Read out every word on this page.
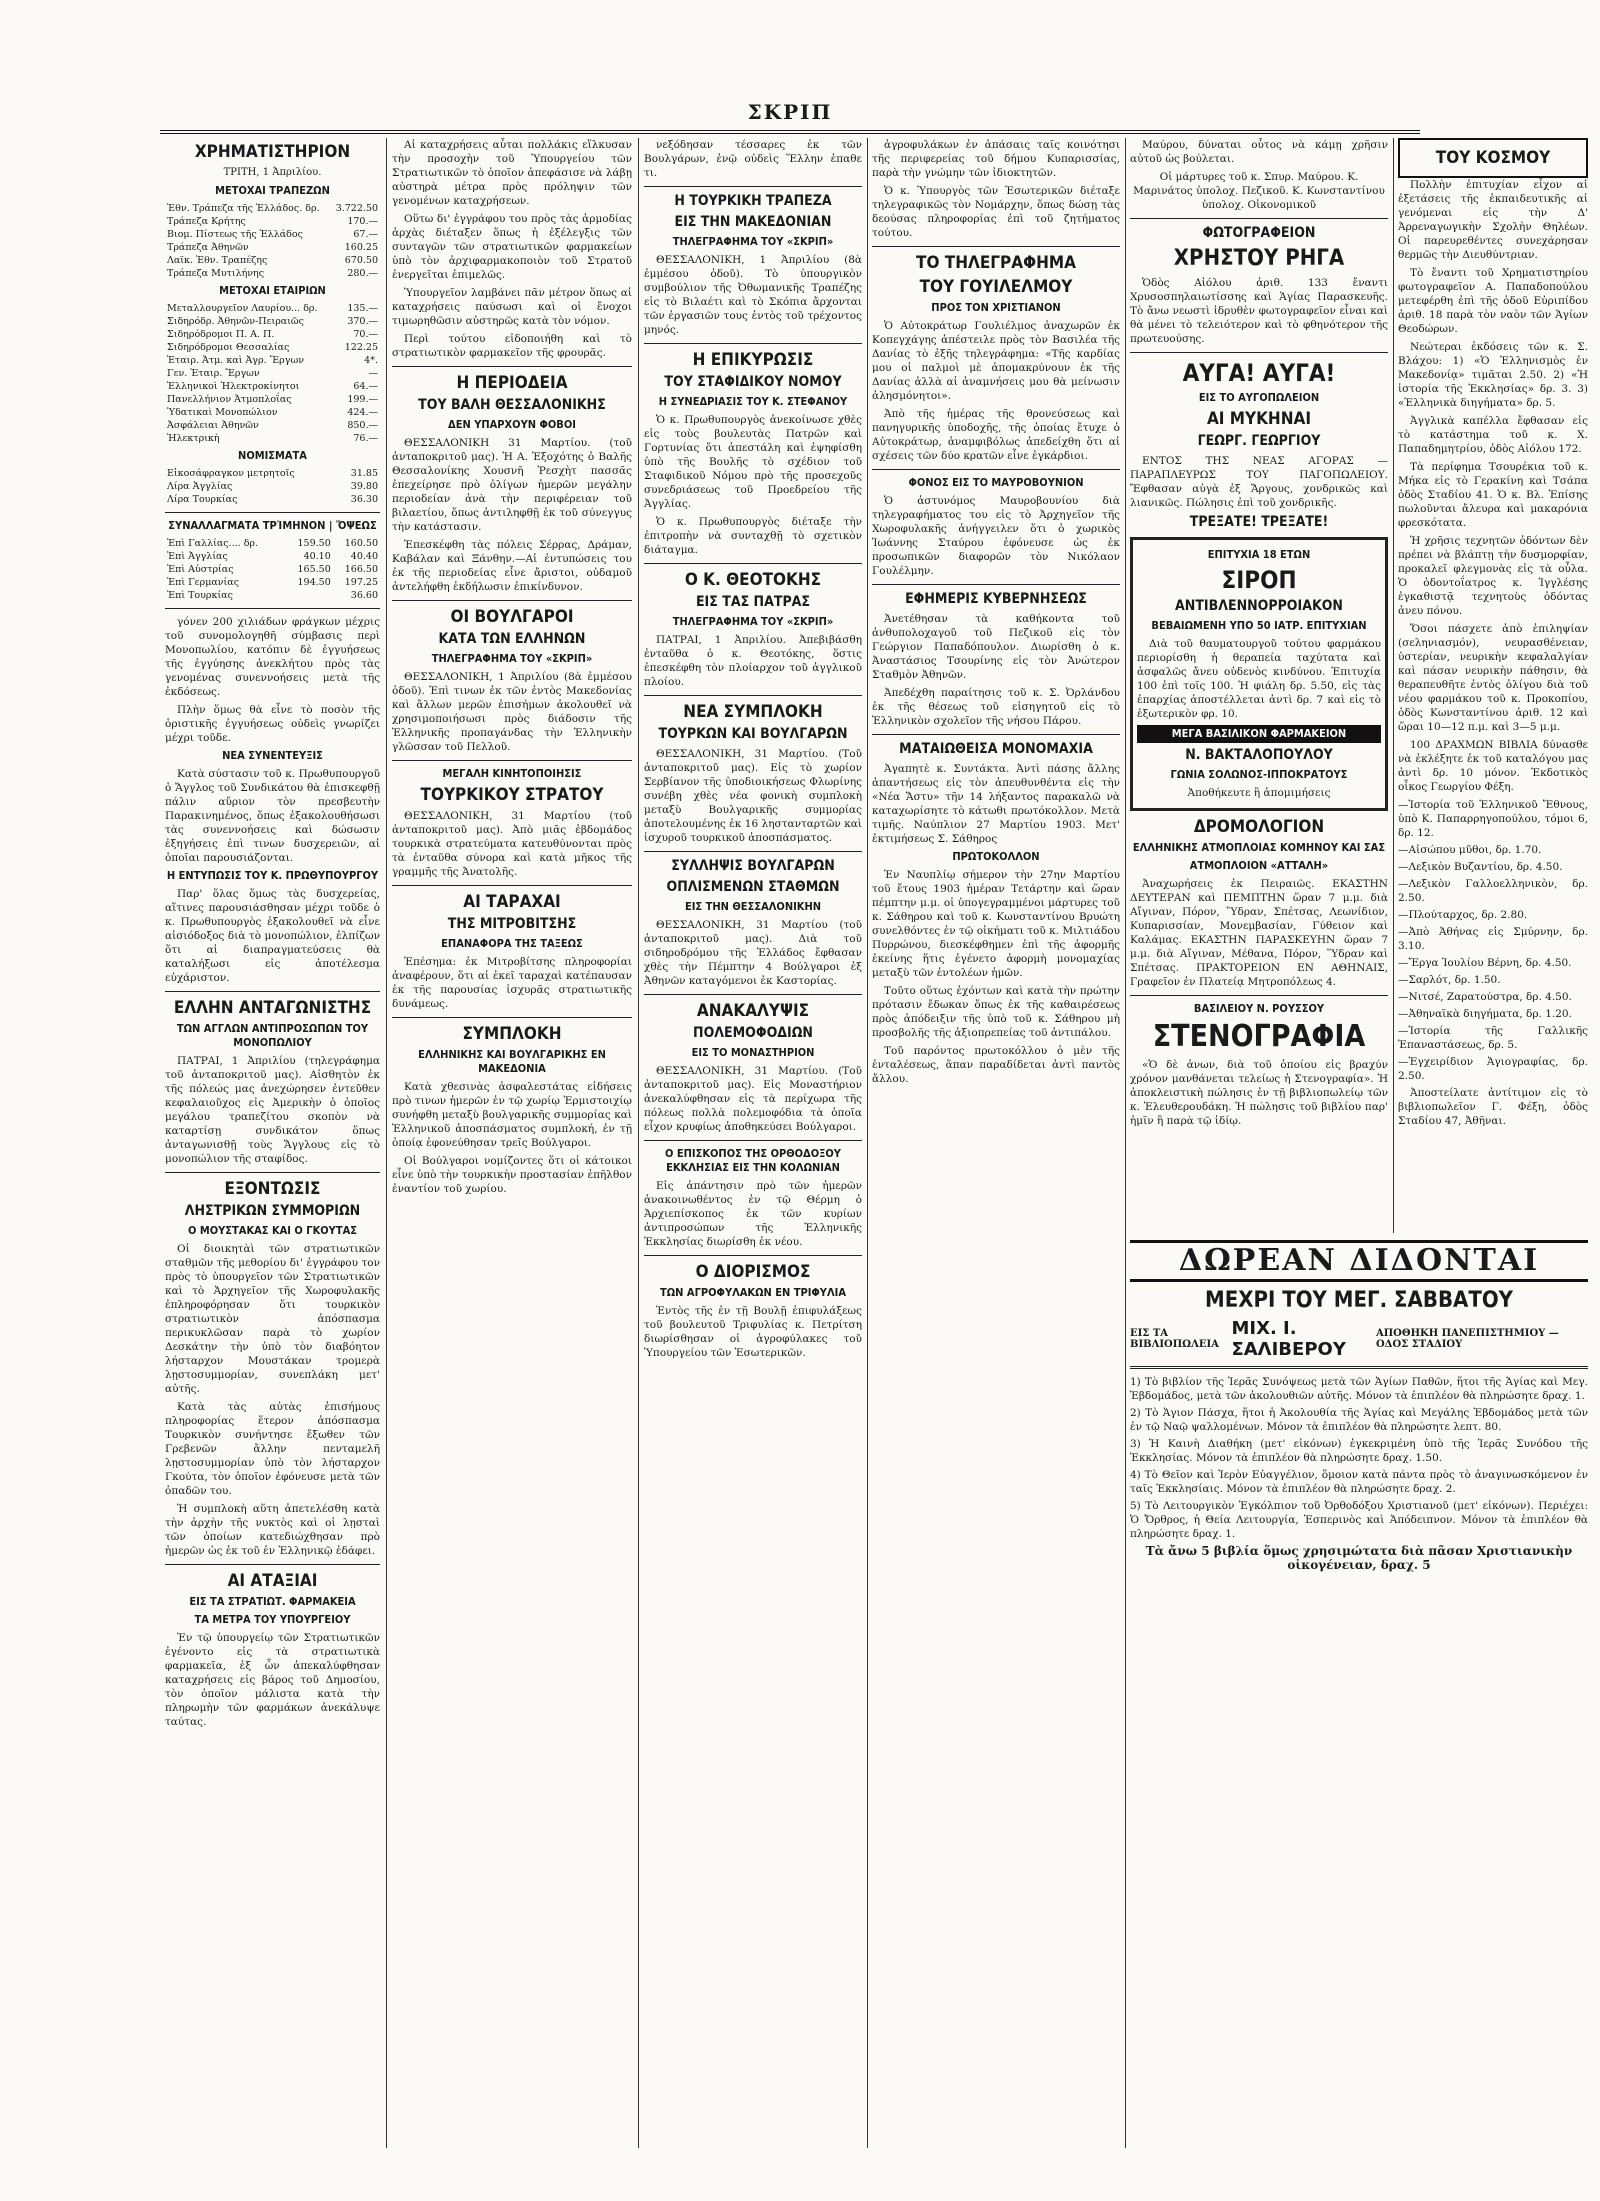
ΣΚΡΙΠ
ΧΡΗΜΑΤΙΣΤΗΡΙΟΝ
ΤΡΙΤΗ, 1 Ἀπριλίου.
ΜΕΤΟΧΑΙ ΤΡΑΠΕΖΩΝ
Ἐθν. Τράπεζα τῆς Ἑλλάδος. δρ.	3.722.50
Τράπεζα Κρήτης	170.—
Βιομ. Πίστεως τῆς Ἑλλάδος	67.—
Τράπεζα Ἀθηνῶν	160.25
Λαϊκ. Ἐθν. Τραπέζης	670.50
Τράπεζα Μυτιλήνης	280.—
ΜΕΤΟΧΑΙ ΕΤΑΙΡΙΩΝ
Μεταλλουργεῖον Λαυρίου... δρ.	135.—
Σιδηρόδρ. Ἀθηνῶν-Πειραιῶς	370.—
Σιδηρόδρομοι Π. Α. Π.	70.—
Σιδηρόδρομοι Θεσσαλίας	122.25
Ἑταιρ. Ἀτμ. καὶ Ἀγρ. Ἔργων	4*.
Γεν. Ἑταιρ. Ἔργων	—
Ἑλληνικοὶ Ἠλεκτροκίνητοι	64.—
Πανελλήνιον Ἀτμοπλοΐας	199.—
Ὑδατικαὶ Μονοπώλιον	424.—
Ἀσφάλειαι Ἀθηνῶν	850.—
Ἠλεκτρικὴ	76.—
ΝΟΜΙΣΜΑΤΑ
Εἰκοσάφραγκον μετρητοῖς	31.85
Λίρα Ἀγγλίας	39.80
Λίρα Τουρκίας	36.30
ΣΥΝΑΛΛΑΓΜΑΤΑ ΤΡΊΜΗΝΟΝ | ὌΨΕΩΣ
Ἐπὶ Γαλλίας.... δρ.	159.50	160.50
Ἐπὶ Ἀγγλίας	40.10	40.40
Ἐπὶ Αὐστρίας	165.50	166.50
Ἐπὶ Γερμανίας	194.50	197.25
Ἐπὶ Τουρκίας		36.60

γόνεν 200 χιλιάδων φράγκων μέχρις τοῦ συνομολογηθῆ σύμβασις περὶ Μονοπωλίου, κατόπιν δὲ ἐγγυήσεως τῆς ἐγγύησης ἀνεκλήτου πρὸς τὰς γενομένας συνεννοήσεις μετὰ τῆς ἐκδόσεως.

Πλὴν ὅμως θὰ εἶνε τὸ ποσὸν τῆς ὁριστικῆς ἐγγυήσεως οὐδεὶς γνωρίζει μέχρι τοῦδε.

ΝΕΑ ΣΥΝΕΝΤΕΥΞΙΣ

Κατὰ σύστασιν τοῦ κ. Πρωθυπουργοῦ ὁ Ἄγγλος τοῦ Συνδικάτου θὰ ἐπισκεφθῇ πάλιν αὔριον τὸν πρεσβευτὴν Παρακινημένος, ὅπως ἐξακολουθήσωσι τὰς συνεννοήσεις καὶ δώσωσιν ἐξηγήσεις ἐπὶ τινων δυσχερειῶν, αἱ ὁποῖαι παρουσιάζονται.

Η ΕΝΤΥΠΩΣΙΣ ΤΟΥ Κ. ΠΡΩΘΥΠΟΥΡΓΟΥ

Παρ' ὅλας ὅμως τὰς δυσχερείας, αἵτινες παρουσιάσθησαν μέχρι τοῦδε ὁ κ. Πρωθυπουργὸς ἐξακολουθεῖ νὰ εἶνε αἰσιόδοξος διὰ τὸ μονοπώλιον, ἐλπίζων ὅτι αἱ διαπραγματεύσεις θὰ καταλήξωσι εἰς ἀποτέλεσμα εὐχάριστον.

ΕΛΛΗΝ ΑΝΤΑΓΩΝΙΣΤΗΣ
ΤΩΝ ΑΓΓΛΩΝ ΑΝΤΙΠΡΟΣΩΠΩΝ ΤΟΥ ΜΟΝΟΠΩΛΙΟΥ

ΠΑΤΡΑΙ, 1 Ἀπριλίου (τηλεγράφημα τοῦ ἀνταποκριτοῦ μας). Αἰσθητὸν ἐκ τῆς πόλεώς μας ἀνεχώρησεν ἐντεῦθεν κεφαλαιοῦχος εἰς Ἀμερικὴν ὁ ὁποῖος μεγάλου τραπεζίτου σκοπὸν νὰ καταρτίσῃ συνδικάτον ὅπως ἀνταγωνισθῇ τοὺς Ἄγγλους εἰς τὸ μονοπώλιον τῆς σταφίδος.

ΕΞΟΝΤΩΣΙΣ
ΛΗΣΤΡΙΚΩΝ ΣΥΜΜΟΡΙΩΝ
Ο ΜΟΥΣΤΑΚΑΣ ΚΑΙ Ο ΓΚΟΥΤΑΣ

Οἱ διοικητὰὶ τῶν στρατιωτικῶν σταθμῶν τῆς μεθορίου δι' ἐγγράφου τον πρὸς τὸ ὑπουργεῖον τῶν Στρατιωτικῶν καὶ τὸ Ἀρχηγεῖον τῆς Χωροφυλακῆς ἐπληροφόρησαν ὅτι τουρκικὸν στρατιωτικὸν ἀπόσπασμα περικυκλῶσαν παρὰ τὸ χωρίον Δεσκάτην τὴν ὑπὸ τὸν διαβόητον λήσταρχον Μουστάκαν τρομερὰ λῃστοσυμμορίαν, συνεπλάκη μετ' αὐτῆς.

Κατὰ τὰς αὐτὰς ἐπισήμους πληροφορίας ἕτερον ἀπόσπασμα Τουρκικὸν συνήντησε ἔξωθεν τῶν Γρεβενῶν ἄλλην πενταμελῆ λῃστοσυμμορίαν ὑπὸ τὸν λήσταρχον Γκούτα, τὸν ὁποῖον ἐφόνευσε μετὰ τῶν ὀπαδῶν του.

Ἡ συμπλοκὴ αὕτη ἀπετελέσθη κατὰ τὴν ἀρχὴν τῆς νυκτὸς καὶ οἱ λῃσταὶ τῶν ὁποίων κατεδιώχθησαν πρὸ ἡμερῶν ὡς ἐκ τοῦ ἐν Ἑλληνικῷ ἐδάφει.

ΑΙ ΑΤΑΞΙΑΙ
ΕΙΣ ΤΑ ΣΤΡΑΤΙΩΤ. ΦΑΡΜΑΚΕΙΑ
ΤΑ ΜΕΤΡΑ ΤΟΥ ΥΠΟΥΡΓΕΙΟΥ

Ἐν τῷ ὑπουργείῳ τῶν Στρατιωτικῶν ἐγένοντο εἰς τὰ στρατιωτικὰ φαρμακεῖα, ἐξ ὧν ἀπεκαλύφθησαν καταχρήσεις εἰς βάρος τοῦ Δημοσίου, τὸν ὁποῖον μάλιστα κατὰ τὴν πληρωμὴν τῶν φαρμάκων ἀνεκάλυψε ταύτας.

Αἱ καταχρήσεις αὗται πολλάκις εἵλκυσαν τὴν προσοχὴν τοῦ Ὑπουργείου τῶν Στρατιωτικῶν τὸ ὁποῖον ἀπεφάσισε νὰ λάβῃ αὐστηρὰ μέτρα πρὸς πρόληψιν τῶν γενομένων καταχρήσεων.

Οὕτω δι' ἐγγράφου του πρὸς τὰς ἁρμοδίας ἀρχὰς διέταξεν ὅπως ἡ ἐξέλεγξις τῶν συνταγῶν τῶν στρατιωτικῶν φαρμακείων ὑπὸ τὸν ἀρχιφαρμακοποιὸν τοῦ Στρατοῦ ἐνεργεῖται ἐπιμελῶς.

Ὑπουργεῖον λαμβάνει πᾶν μέτρον ὅπως αἱ καταχρήσεις παύσωσι καὶ οἱ ἔνοχοι τιμωρηθῶσιν αὐστηρῶς κατὰ τὸν νόμον.

Περὶ τούτου εἰδοποιήθη καὶ τὸ στρατιωτικὸν φαρμακεῖον τῆς φρουρᾶς.

Η ΠΕΡΙΟΔΕΙΑ
ΤΟΥ ΒΑΛΗ ΘΕΣΣΑΛΟΝΙΚΗΣ
ΔΕΝ ΥΠΑΡΧΟΥΝ ΦΟΒΟΙ

ΘΕΣΣΑΛΟΝΙΚΗ 31 Μαρτίου. (τοῦ ἀνταποκριτοῦ μας). Ἡ Α. Ἐξοχότης ὁ Βαλῆς Θεσσαλονίκης Χουσνῆ Ῥεσχὴτ πασσᾶς ἐπεχείρησε πρὸ ὀλίγων ἡμερῶν μεγάλην περιοδείαν ἀνὰ τὴν περιφέρειαν τοῦ βιλαετίου, ὅπως ἀντιληφθῇ ἐκ τοῦ σύνεγγυς τὴν κατάστασιν.

Ἐπεσκέφθη τὰς πόλεις Σέρρας, Δράμαν, Καβάλαν καὶ Ξάνθην.—Αἱ ἐντυπώσεις του ἐκ τῆς περιοδείας εἶνε ἄριστοι, οὐδαμοῦ ἀντελήφθη ἐκδήλωσιν ἐπικίνδυνον.

ΟΙ ΒΟΥΛΓΑΡΟΙ
ΚΑΤΑ ΤΩΝ ΕΛΛΗΝΩΝ
ΤΗΛΕΓΡΑΦΗΜΑ ΤΟΥ «ΣΚΡΙΠ»

ΘΕΣΣΑΛΟΝΙΚΗ, 1 Ἀπριλίου (8ὰ ἐμμέσου ὁδοῦ). Ἐπὶ τινων ἐκ τῶν ἐντὸς Μακεδονίας καὶ ἄλλων μερῶν ἐπισήμων ἀκολουθεῖ νὰ χρησιμοποιήσωσι πρὸς διάδοσιν τῆς Ἑλληνικῆς προπαγάνδας τὴν Ἑλληνικὴν γλῶσσαν τοῦ Πελλοῦ.

ΜΕΓΑΛΗ ΚΙΝΗΤΟΠΟΙΗΣΙΣ
ΤΟΥΡΚΙΚΟΥ ΣΤΡΑΤΟΥ

ΘΕΣΣΑΛΟΝΙΚΗ, 31 Μαρτίου (τοῦ ἀνταποκριτοῦ μας). Ἀπὸ μιᾶς ἑβδομάδος τουρκικὰ στρατεύματα κατευθύνονται πρὸς τὰ ἐνταῦθα σύνορα καὶ κατὰ μῆκος τῆς γραμμῆς τῆς Ἀνατολῆς.

ΑΙ ΤΑΡΑΧΑΙ
ΤΗΣ ΜΙΤΡΟΒΙΤΣΗΣ
ΕΠΑΝΑΦΟΡΑ ΤΗΣ ΤΑΞΕΩΣ

Ἐπέσημα: ἐκ Μιτροβίτσης πληροφορίαι ἀναφέρουν, ὅτι αἱ ἐκεῖ ταραχαὶ κατέπαυσαν ἐκ τῆς παρουσίας ἰσχυρᾶς στρατιωτικῆς δυνάμεως.

ΣΥΜΠΛΟΚΗ
ΕΛΛΗΝΙΚΗΣ ΚΑΙ ΒΟΥΛΓΑΡΙΚΗΣ ΕΝ ΜΑΚΕΔΟΝΙΑ

Κατὰ χθεσινὰς ἀσφαλεστάτας εἰδήσεις πρὸ τινων ἡμερῶν ἐν τῷ χωρίῳ Ἐρμιστοιχίῳ συνήφθη μεταξὺ βουλγαρικῆς συμμορίας καὶ Ἑλληνικοῦ ἀποσπάσματος συμπλοκή, ἐν τῇ ὁποίᾳ ἐφονεύθησαν τρεῖς Βούλγαροι.

Οἱ Βούλγαροι νομίζοντες ὅτι οἱ κάτοικοι εἶνε ὑπὸ τὴν τουρκικὴν προστασίαν ἐπῆλθον ἐναντίον τοῦ χωρίου.

νεξόδησαν τέσσαρες ἐκ τῶν Βουλγάρων, ἐνῷ οὐδεὶς Ἕλλην ἐπαθε τι.

Η ΤΟΥΡΚΙΚΗ ΤΡΑΠΕΖΑ
ΕΙΣ ΤΗΝ ΜΑΚΕΔΟΝΙΑΝ
ΤΗΛΕΓΡΑΦΗΜΑ ΤΟΥ «ΣΚΡΙΠ»

ΘΕΣΣΑΛΟΝΙΚΗ, 1 Ἀπριλίου (8ὰ ἐμμέσου ὁδοῦ). Τὸ ὑπουργικὸν συμβούλιον τῆς Ὀθωμανικῆς Τραπέζης εἰς τὸ Βιλαέτι καὶ τὸ Σκόπια ἄρχονται τῶν ἐργασιῶν τους ἐντὸς τοῦ τρέχοντος μηνός.

Η ΕΠΙΚΥΡΩΣΙΣ
ΤΟΥ ΣΤΑΦΙΔΙΚΟΥ ΝΟΜΟΥ
Η ΣΥΝΕΔΡΙΑΣΙΣ ΤΟΥ Κ. ΣΤΕΦΑΝΟΥ

Ὁ κ. Πρωθυπουργὸς ἀνεκοίνωσε χθὲς εἰς τοὺς βουλευτὰς Πατρῶν καὶ Γορτυνίας ὅτι ἀπεστάλη καὶ ἐψηφίσθη ὑπὸ τῆς Βουλῆς τὸ σχέδιον τοῦ Σταφιδικοῦ Νόμου πρὸ τῆς προσεχοῦς συνεδριάσεως τοῦ Προεδρείου τῆς Ἀγγλίας.

Ὁ κ. Πρωθυπουργὸς διέταξε τὴν ἐπιτροπὴν νὰ συνταχθῇ τὸ σχετικὸν διάταγμα.

Ο Κ. ΘΕΟΤΟΚΗΣ
ΕΙΣ ΤΑΣ ΠΑΤΡΑΣ
ΤΗΛΕΓΡΑΦΗΜΑ ΤΟΥ «ΣΚΡΙΠ»

ΠΑΤΡΑΙ, 1 Ἀπριλίου. Ἀπεβιβάσθη ἐνταῦθα ὁ κ. Θεοτόκης, ὅστις ἐπεσκέφθη τὸν πλοίαρχον τοῦ ἀγγλικοῦ πλοίου.

ΝΕΑ ΣΥΜΠΛΟΚΗ
ΤΟΥΡΚΩΝ ΚΑΙ ΒΟΥΛΓΑΡΩΝ

ΘΕΣΣΑΛΟΝΙΚΗ, 31 Μαρτίου. (Τοῦ ἀνταποκριτοῦ μας). Εἰς τὸ χωρίον Σερβίανον τῆς ὑποδιοικήσεως Φλωρίνης συνέβη χθὲς νέα φονικὴ συμπλοκὴ μεταξὺ Βουλγαρικῆς συμμορίας ἀποτελουμένης ἐκ 16 ληστανταρτῶν καὶ ἰσχυροῦ τουρκικοῦ ἀποσπάσματος.

ΣΥΛΛΗΨΙΣ ΒΟΥΛΓΑΡΩΝ
ΟΠΛΙΣΜΕΝΩΝ ΣΤΑΘΜΩΝ
ΕΙΣ ΤΗΝ ΘΕΣΣΑΛΟΝΙΚΗΝ

ΘΕΣΣΑΛΟΝΙΚΗ, 31 Μαρτίου (τοῦ ἀνταποκριτοῦ μας). Διὰ τοῦ σιδηροδρόμου τῆς Ἑλλάδος ἔφθασαν χθὲς τὴν Πέμπτην 4 Βούλγαροι ἐξ Ἀθηνῶν καταγόμενοι ἐκ Καστορίας.

ΑΝΑΚΑΛΥΨΙΣ
ΠΟΛΕΜΟΦΟΔΙΩΝ
ΕΙΣ ΤΟ ΜΟΝΑΣΤΗΡΙΟΝ

ΘΕΣΣΑΛΟΝΙΚΗ, 31 Μαρτίου. (Τοῦ ἀνταποκριτοῦ μας). Εἰς Μοναστήριον ἀνεκαλύφθησαν εἰς τὰ περίχωρα τῆς πόλεως πολλὰ πολεμοφόδια τὰ ὁποῖα εἶχον κρυφίως ἀποθηκεύσει Βούλγαροι.

Ο ΕΠΙΣΚΟΠΟΣ ΤΗΣ ΟΡΘΟΔΟΞΟΥ ΕΚΚΛΗΣΙΑΣ ΕΙΣ ΤΗΝ ΚΟΛΩΝΙΑΝ

Εἰς ἀπάντησιν πρὸ τῶν ἡμερῶν ἀνακοινωθέντος ἐν τῷ Θέρμη ὁ Ἀρχιεπίσκοπος ἐκ τῶν κυρίων ἀντιπροσώπων τῆς Ἑλληνικῆς Ἐκκλησίας διωρίσθη ἐκ νέου.

Ο ΔΙΟΡΙΣΜΟΣ
ΤΩΝ ΑΓΡΟΦΥΛΑΚΩΝ ΕΝ ΤΡΙΦΥΛΙΑ

Ἐντὸς τῆς ἐν τῇ Βουλῇ ἐπιφυλάξεως τοῦ βουλευτοῦ Τριφυλίας κ. Πετρίτση διωρίσθησαν οἱ ἀγροφύλακες τοῦ Ὑπουργείου τῶν Ἐσωτερικῶν.

ἀγροφυλάκων ἐν ἁπάσαις ταῖς κοινότησι τῆς περιφερείας τοῦ δήμου Κυπαρισσίας, παρὰ τὴν γνώμην τῶν ἰδιοκτητῶν.

Ὁ κ. Ὑπουργὸς τῶν Ἐσωτερικῶν διέταξε τηλεγραφικῶς τὸν Νομάρχην, ὅπως δώσῃ τὰς δεούσας πληροφορίας ἐπὶ τοῦ ζητήματος τούτου.

ΤΟ ΤΗΛΕΓΡΑΦΗΜΑ
ΤΟΥ ΓΟΥΙΛΕΛΜΟΥ
ΠΡΟΣ ΤΟΝ ΧΡΙΣΤΙΑΝΟΝ

Ὁ Αὐτοκράτωρ Γουλιέλμος ἀναχωρῶν ἐκ Κοπεγχάγης ἀπέστειλε πρὸς τὸν Βασιλέα τῆς Δανίας τὸ ἑξῆς τηλεγράφημα: «Τῆς καρδίας μου οἱ παλμοὶ μὲ ἀπομακρύνουν ἐκ τῆς Δανίας ἀλλὰ αἱ ἀναμνήσεις μου θὰ μείνωσιν ἀλησμόνητοι».

Ἀπὸ τῆς ἡμέρας τῆς θρονεύσεως καὶ πανηγυρικῆς ὑποδοχῆς, τῆς ὁποίας ἔτυχε ὁ Αὐτοκράτωρ, ἀναμφιβόλως ἀπεδείχθη ὅτι αἱ σχέσεις τῶν δύο κρατῶν εἶνε ἐγκάρδιοι.

ΦΟΝΟΣ ΕΙΣ ΤΟ ΜΑΥΡΟΒΟΥΝΙΟΝ

Ὁ ἀστυνόμος Μαυροβουνίου διὰ τηλεγραφήματος του εἰς τὸ Ἀρχηγεῖον τῆς Χωροφυλακῆς ἀνήγγειλεν ὅτι ὁ χωρικὸς Ἰωάννης Σταύρου ἐφόνευσε ὡς ἐκ προσωπικῶν διαφορῶν τὸν Νικόλαον Γουλέλμην.

ΕΦΗΜΕΡΙΣ ΚΥΒΕΡΝΗΣΕΩΣ

Ἀνετέθησαν τὰ καθήκοντα τοῦ ἀνθυπολοχαγοῦ τοῦ Πεζικοῦ εἰς τὸν Γεώργιον Παπαδόπουλον. Διωρίσθη ὁ κ. Ἀναστάσιος Τσουρίνης εἰς τὸν Ἀνώτερον Σταθμὸν Ἀθηνῶν.

Ἀπεδέχθη παραίτησις τοῦ κ. Σ. Ὀρλάνδου ἐκ τῆς θέσεως τοῦ εἰσηγητοῦ εἰς τὸ Ἑλληνικὸν σχολεῖον τῆς νήσου Πάρου.

ΜΑΤΑΙΩΘΕΙΣΑ ΜΟΝΟΜΑΧΙΑ

Ἀγαπητὲ κ. Συντάκτα. Ἀντὶ πάσης ἄλλης ἀπαντήσεως εἰς τὸν ἀπευθυνθέντα εἰς τὴν «Νέα Ἄστυ» τῆν 14 λήξαντος παρακαλῶ νὰ καταχωρίσητε τὸ κάτωθι πρωτόκολλον. Μετὰ τιμῆς. Ναύπλιον 27 Μαρτίου 1903. Μετ' ἐκτιμήσεως Σ. Σάθηρος

ΠΡΩΤΟΚΟΛΛΟΝ

Ἐν Ναυπλίῳ σήμερον τὴν 27ην Μαρτίου τοῦ ἔτους 1903 ἡμέραν Τετάρτην καὶ ὥραν πέμπτην μ.μ. οἱ ὑπογεγραμμένοι μάρτυρες τοῦ κ. Σάθηρου καὶ τοῦ κ. Κωνσταντίνου Βρυώτη συνελθόντες ἐν τῷ οἰκήματι τοῦ κ. Μιλτιάδου Πυρρώνου, διεσκέφθημεν ἐπὶ τῆς ἀφορμῆς ἐκείνης ἥτις ἐγένετο ἀφορμὴ μονομαχίας μεταξὺ τῶν ἐντολέων ἡμῶν.

Τοῦτο οὕτως ἐχόντων καὶ κατὰ τὴν πρώτην πρότασιν ἔδωκαν ὅπως ἐκ τῆς καθαιρέσεως πρὸς ἀπόδειξιν τῆς ὑπὸ τοῦ κ. Σάθηρου μὴ προσβολῆς τῆς ἀξιοπρεπείας τοῦ ἀντιπάλου.

Τοῦ παρόντος πρωτοκόλλου ὁ μὲν τῆς ἐνταλέσεως, ἅπαν παραδίδεται ἀντὶ παντὸς ἄλλου.

Μαύρου, δύναται οὗτος νὰ κάμῃ χρῆσιν αὐτοῦ ὡς βούλεται.

Οἱ μάρτυρες τοῦ κ. Σπυρ. Μαύρου. Κ. Μαρινάτος ὑπολοχ. Πεζικοῦ. Κ. Κωνσταντίνου ὑπολοχ. Οἰκονομικοῦ

ΦΩΤΟΓΡΑΦΕΙΟΝ
ΧΡΗΣΤΟΥ ΡΗΓΑ

Ὁδὸς Αἰόλου ἀριθ. 133 ἔναντι Χρυσοσπηλαιωτίσσης καὶ Ἁγίας Παρασκευῆς. Τὸ ἄνω νεωστὶ ἱδρυθὲν φωτογραφεῖον εἶναι καὶ θὰ μένει τὸ τελειότερον καὶ τὸ φθηνότερον τῆς πρωτευούσης.

ΑΥΓΑ! ΑΥΓΑ!
ΕΙΣ ΤΟ ΑΥΓΟΠΩΛΕΙΟΝ
ΑΙ ΜΥΚΗΝΑΙ
ΓΕΩΡΓ. ΓΕΩΡΓΙΟΥ

ΕΝΤΟΣ ΤΗΣ ΝΕΑΣ ΑΓΟΡΑΣ — ΠΑΡΑΠΛΕΥΡΩΣ ΤΟΥ ΠΑΓΟΠΩΛΕΙΟΥ. Ἔφθασαν αὐγὰ ἐξ Ἄργους, χονδρικῶς καὶ λιανικῶς. Πώλησις ἐπὶ τοῦ χονδρικῆς.

ΤΡΕΞΑΤΕ! ΤΡΕΞΑΤΕ!
ΕΠΙΤΥΧΙΑ 18 ΕΤΩΝ
ΣΙΡΟΠ
ΑΝΤΙΒΛΕΝΝΟΡΡΟΙΑΚΟΝ
ΒΕΒΑΙΩΜΕΝΗ ΥΠΟ 50 ΙΑΤΡ. ΕΠΙΤΥΧΙΑΝ

Διὰ τοῦ θαυματουργοῦ τούτου φαρμάκου περιορίσθη ἡ θεραπεία ταχύτατα καὶ ἀσφαλῶς ἄνευ οὐδενὸς κινδύνου. Ἐπιτυχία 100 ἐπὶ τοῖς 100. Ἡ φιάλη δρ. 5.50, εἰς τὰς ἐπαρχίας ἀποστέλλεται ἀντὶ δρ. 7 καὶ εἰς τὸ ἐξωτερικὸν φρ. 10.

ΜΕΓΑ ΒΑΣΙΛΙΚΟΝ ΦΑΡΜΑΚΕΙΟΝ
Ν. ΒΑΚΤΑΛΟΠΟΥΛΟΥ
ΓΩΝΙΑ ΣΟΛΩΝΟΣ-ΙΠΠΟΚΡΑΤΟΥΣ

Ἀποθήκευτε ἢ ἀπομιμήσεις

ΔΡΟΜΟΛΟΓΙΟΝ
ΕΛΛΗΝΙΚΗΣ ΑΤΜΟΠΛΟΙΑΣ ΚΟΜΗΝΟΥ ΚΑΙ ΣΑΣ
ΑΤΜΟΠΛΟΙΟΝ «ΑΤΤΑΛΗ»

Ἀναχωρήσεις ἐκ Πειραιῶς. ΕΚΑΣΤΗΝ ΔΕΥΤΕΡΑΝ καὶ ΠΕΜΠΤΗΝ ὥραν 7 μ.μ. διὰ Αἴγιναν, Πόρον, Ὕδραν, Σπέτσας, Λεωνίδιον, Κυπαρισσίαν, Μονεμβασίαν, Γύθειον καὶ Καλάμας. ΕΚΑΣΤΗΝ ΠΑΡΑΣΚΕΥΗΝ ὥραν 7 μ.μ. διὰ Αἴγιναν, Μέθανα, Πόρον, Ὕδραν καὶ Σπέτσας. ΠΡΑΚΤΟΡΕΙΟΝ ΕΝ ΑΘΗΝΑΙΣ, Γραφεῖον ἐν Πλατείᾳ Μητροπόλεως 4.

ΒΑΣΙΛΕΙΟΥ Ν. ΡΟΥΣΣΟΥ
ΣΤΕΝΟΓΡΑΦΙΑ

«Ὁ δὲ ἀνων, διὰ τοῦ ὁποίου εἰς βραχύν χρόνον μανθάνεται τελείως ἡ Στενογραφία». Ἡ ἀποκλειστικὴ πώλησις ἐν τῇ βιβλιοπωλείῳ τῶν κ. Ἐλευθερουδάκη. Ἡ πώλησις τοῦ βιβλίου παρ' ἡμῖν ἢ παρὰ τῷ ἰδίῳ.

ΤΟΥ ΚΟΣΜΟΥ

Πολλὴν ἐπιτυχίαν εἶχον αἱ ἐξετάσεις τῆς ἐκπαιδευτικῆς αἱ γενόμεναι εἰς τὴν Δ' Ἀρρεναγωγικὴν Σχολὴν Θηλέων. Οἱ παρευρεθέντες συνεχάρησαν θερμῶς τὴν Διευθύντριαν.

Τὸ ἔναντι τοῦ Χρηματιστηρίου φωτογραφεῖον Α. Παπαδοπούλου μετεφέρθη ἐπὶ τῆς ὁδοῦ Εὐριπίδου ἀριθ. 18 παρὰ τὸν ναὸν τῶν Ἁγίων Θεοδώρων.

Νεώτεραι ἐκδόσεις τῶν κ. Σ. Βλάχου: 1) «Ὁ Ἐλληνισμὸς ἐν Μακεδονίᾳ» τιμᾶται 2.50. 2) «Ἡ ἱστορία τῆς Ἐκκλησίας» δρ. 3. 3) «Ἑλληνικὰ διηγήματα» δρ. 5.

Ἀγγλικὰ καπέλλα ἔφθασαν εἰς τὸ κατάστημα τοῦ κ. Χ. Παπαδημητρίου, ὁδὸς Αἰόλου 172.

Τὰ περίφημα Τσουρέκια τοῦ κ. Μήκα εἰς τὸ Γερακίνη καὶ Τσάπα ὁδὸς Σταδίου 41. Ὁ κ. Βλ. Ἐπίσης πωλοῦνται ἄλευρα καὶ μακαρόνια φρεσκότατα.

Ἡ χρῆσις τεχνητῶν ὀδόντων δὲν πρέπει νὰ βλάπτῃ τὴν δυσμορφίαν, προκαλεῖ φλεγμονὰς εἰς τὰ οὖλα. Ὁ ὀδοντοΐατρος κ. Ἰγγλέσης ἐγκαθιστᾷ τεχνητοὺς ὀδόντας ἀνευ πόνου.

Ὅσοι πάσχετε ἀπὸ ἐπιληψίαν (σεληνιασμόν), νευρασθένειαν, ὑστερίαν, νευρικὴν κεφαλαλγίαν καὶ πάσαν νευρικὴν πάθησιν, θὰ θεραπευθῆτε ἐντὸς ὀλίγου διὰ τοῦ νέου φαρμάκου τοῦ κ. Προκοπίου, ὁδὸς Κωνσταντίνου ἀριθ. 12 καὶ ὥραι 10—12 π.μ. καὶ 3—5 μ.μ.

100 ΔΡΑΧΜΩΝ ΒΙΒΛΙΑ δύνασθε νὰ ἐκλέξητε ἐκ τοῦ καταλόγου μας ἀντὶ δρ. 10 μόνον. Ἐκδοτικὸς οἶκος Γεωργίου Φέξη.

—Ἱστορία τοῦ Ἑλληνικοῦ Ἔθνους, ὑπὸ Κ. Παπαρρηγοπούλου, τόμοι 6, δρ. 12.

—Αἰσώπου μῦθοι, δρ. 1.70.

—Λεξικὸν Βυζαντίου, δρ. 4.50.

—Λεξικὸν Γαλλοελληνικὸν, δρ. 2.50.

—Πλούταρχος, δρ. 2.80.

—Ἀπὸ Ἀθήνας εἰς Σμύρνην, δρ. 3.10.

—Ἔργα Ἰουλίου Βέρνη, δρ. 4.50.

—Σαρλότ, δρ. 1.50.

—Νιτσέ, Ζαρατούστρα, δρ. 4.50.

—Ἀθηναϊκὰ διηγήματα, δρ. 1.20.

—Ἱστορία τῆς Γαλλικῆς Ἐπαναστάσεως, δρ. 5.

—Ἐγχειρίδιον Ἁγιογραφίας, δρ. 2.50.

Ἀποστείλατε ἀντίτιμον εἰς τὸ βιβλιοπωλεῖον Γ. Φέξη, ὁδὸς Σταδίου 47, Ἀθῆναι.

ΔΩΡΕΑΝ ΔΙΔΟΝΤΑΙ
ΜΕΧΡΙ ΤΟΥ ΜΕΓ. ΣΑΒΒΑΤΟΥ
ΕΙΣ ΤΑ ΒΙΒΛΙΟΠΩΛΕΙΑ
ΜΙΧ. Ι. ΣΑΛΙΒΕΡΟΥ
ΑΠΟΘΗΚΗ ΠΑΝΕΠΙΣΤΗΜΙΟΥ — ΟΔΟΣ ΣΤΑΔΙΟΥ

1) Τὸ βιβλίον τῆς Ἱερᾶς Συνόψεως μετὰ τῶν Ἁγίων Παθῶν, ἥτοι τῆς Ἁγίας καὶ Μεγ. Ἑβδομάδος, μετὰ τῶν ἀκολουθιῶν αὐτῆς. Μόνον τὰ ἐπιπλέον θὰ πληρώσητε δραχ. 1.

2) Τὸ Ἁγιον Πάσχα, ἥτοι ἡ Ἀκολουθία τῆς Ἁγίας καὶ Μεγάλης Ἑβδομάδος μετὰ τῶν ἐν τῷ Ναῷ ψαλλομένων. Μόνον τὰ ἐπιπλέον θὰ πληρώσητε λεπτ. 80.

3) Ἡ Καινὴ Διαθήκη (μετ' εἰκόνων) ἐγκεκριμένη ὑπὸ τῆς Ἱερᾶς Συνόδου τῆς Ἐκκλησίας. Μόνον τὰ ἐπιπλέον θὰ πληρώσητε δραχ. 1.50.

4) Τὸ Θεῖον καὶ Ἱερὸν Εὐαγγέλιον, ὅμοιον κατὰ πάντα πρὸς τὸ ἀναγινωσκόμενον ἐν ταῖς Ἐκκλησίαις. Μόνον τὰ ἐπιπλέον θὰ πληρώσητε δραχ. 2.

5) Τὸ Λειτουργικὸν Ἐγκόλπιον τοῦ Ὀρθοδόξου Χριστιανοῦ (μετ' εἰκόνων). Περιέχει: Ὁ Ὄρθρος, ἡ Θεία Λειτουργία, Ἑσπερινὸς καὶ Ἀπόδειπνον. Μόνον τὰ ἐπιπλέον θὰ πληρώσητε δραχ. 1.

Τὰ ἄνω 5 βιβλία ὅμως χρησιμώτατα διὰ πᾶσαν Χριστιανικὴν οἰκογένειαν, δραχ. 5
